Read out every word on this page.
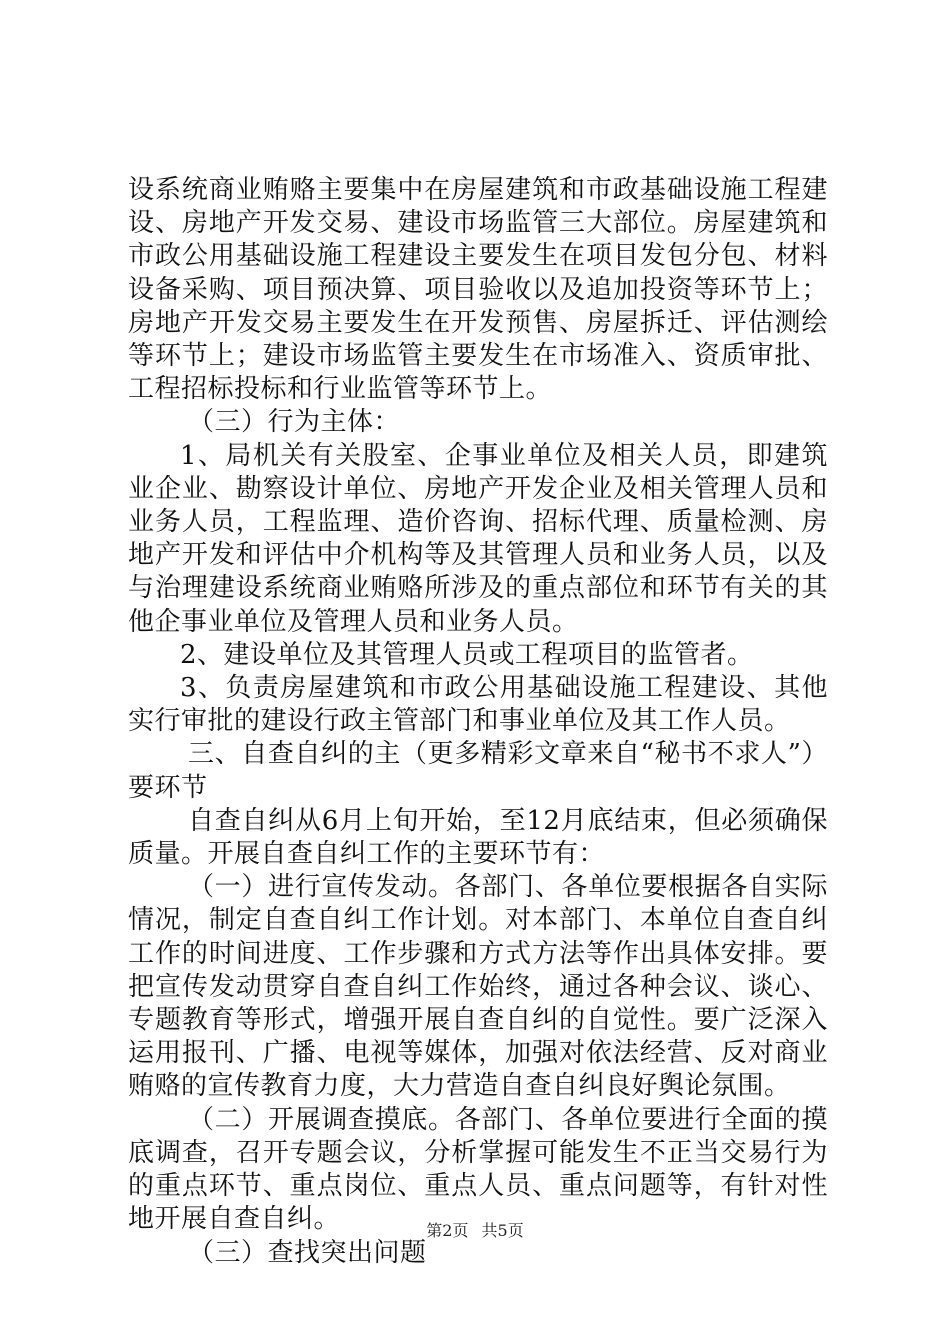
设系统商业贿赂主要集中在房屋建筑和市政基础设施工程建设、房地产开发交易、建设市场监管三大部位。房屋建筑和市政公用基础设施工程建设主要发生在项目发包分包、材料设备采购、项目预决算、项目验收以及追加投资等环节上；房地产开发交易主要发生在开发预售、房屋拆迁、评估测绘等环节上；建设市场监管主要发生在市场准入、资质审批、工程招标投标和行业监管等环节上。

（三）行为主体：

1、局机关有关股室、企事业单位及相关人员，即建筑业企业、勘察设计单位、房地产开发企业及相关管理人员和业务人员，工程监理、造价咨询、招标代理、质量检测、房地产开发和评估中介机构等及其管理人员和业务人员，以及与治理建设系统商业贿赂所涉及的重点部位和环节有关的其他企事业单位及管理人员和业务人员。

2、建设单位及其管理人员或工程项目的监管者。

3、负责房屋建筑和市政公用基础设施工程建设、其他实行审批的建设行政主管部门和事业单位及其工作人员。

三、自查自纠的主（更多精彩文章来自“秘书不求人”）要环节

自查自纠从6月上旬开始，至12月底结束，但必须确保质量。开展自查自纠工作的主要环节有：

（一）进行宣传发动。各部门、各单位要根据各自实际情况，制定自查自纠工作计划。对本部门、本单位自查自纠工作的时间进度、工作步骤和方式方法等作出具体安排。要把宣传发动贯穿自查自纠工作始终，通过各种会议、谈心、专题教育等形式，增强开展自查自纠的自觉性。要广泛深入运用报刊、广播、电视等媒体，加强对依法经营、反对商业贿赂的宣传教育力度，大力营造自查自纠良好舆论氛围。

（二）开展调查摸底。各部门、各单位要进行全面的摸底调查，召开专题会议，分析掌握可能发生不正当交易行为的重点环节、重点岗位、重点人员、重点问题等，有针对性地开展自查自纠。

（三）查找突出问题

第2页 共5页
